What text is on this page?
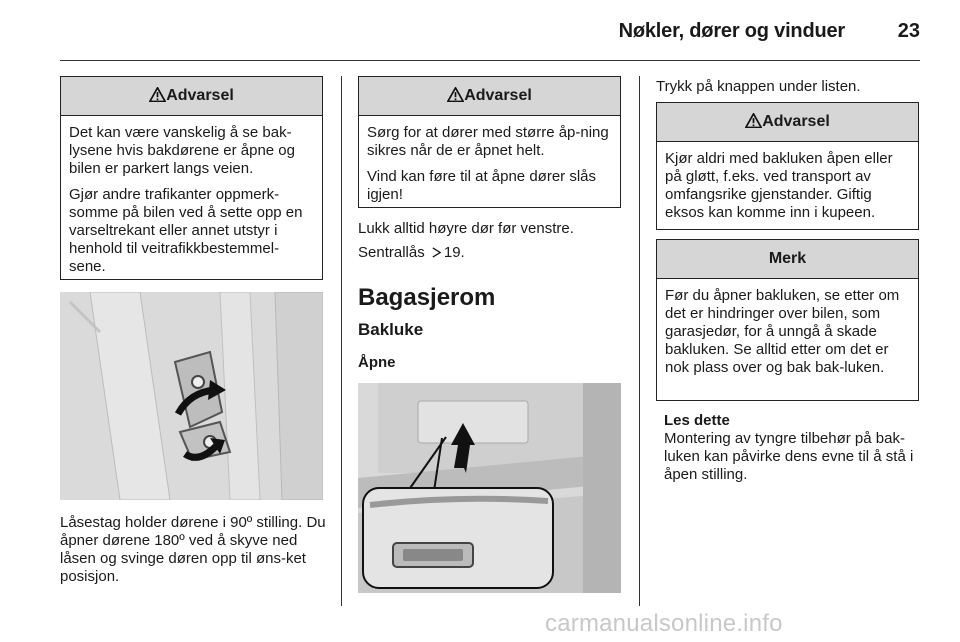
Nøkler, dører og vinduer	23
Advarsel

Det kan være vanskelig å se bak-lysene hvis bakdørene er åpne og bilen er parkert langs veien.

Gjør andre trafikanter oppmerk-somme på bilen ved å sette opp en varseltrekant eller annet utstyr i henhold til veitrafikkbestemmel-sene.

Låsestag holder dørene i 90º stilling. Du åpner dørene 180º ved å skyve ned låsen og svinge døren opp til øns-ket posisjon.
Advarsel

Sørg for at dører med større åp-ning sikres når de er åpnet helt.

Vind kan føre til at åpne dører slås igjen!

Lukk alltid høyre dør før venstre.
Sentrallås 19.
Bagasjerom
Bakluke
Åpne
Trykk på knappen under listen.
Advarsel

Kjør aldri med bakluken åpen eller på gløtt, f.eks. ved transport av omfangsrike gjenstander. Giftig eksos kan komme inn i kupeen.

Merk

Før du åpner bakluken, se etter om det er hindringer over bilen, som garasjedør, for å unngå å skade bakluken. Se alltid etter om det er nok plass over og bak bak-luken.

Les dette
Montering av tyngre tilbehør på bak-luken kan påvirke dens evne til å stå i åpen stilling.
carmanualsonline.info
